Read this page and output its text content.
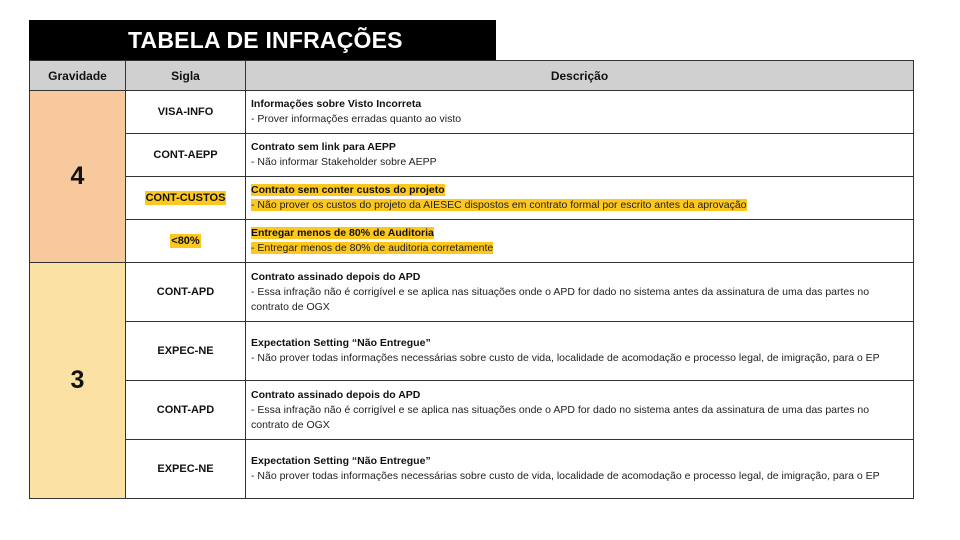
TABELA DE INFRAÇÕES
Gravidade	Sigla	Descrição
4	VISA-INFO	Informações sobre Visto Incorreta
- Prover informações erradas quanto ao visto

	CONT-AEPP	Contrato sem link para AEPP
- Não informar Stakeholder sobre AEPP

	CONT-CUSTOS	Contrato sem conter custos do projeto
- Não prover os custos do projeto da AIESEC dispostos em contrato formal por escrito antes da aprovação

	<80%	Entregar menos de 80% de Auditoria
- Entregar menos de 80% de auditoria corretamente

3	CONT-APD	Contrato assinado depois do APD
- Essa infração não é corrigível e se aplica nas situações onde o APD for dado no sistema antes da assinatura de uma das partes no contrato de OGX

	EXPEC-NE	Expectation Setting “Não Entregue”
- Não prover todas informações necessárias sobre custo de vida, localidade de acomodação e processo legal, de imigração, para o EP

	CONT-APD	Contrato assinado depois do APD
- Essa infração não é corrigível e se aplica nas situações onde o APD for dado no sistema antes da assinatura de uma das partes no contrato de OGX

	EXPEC-NE	Expectation Setting “Não Entregue”
- Não prover todas informações necessárias sobre custo de vida, localidade de acomodação e processo legal, de imigração, para o EP
